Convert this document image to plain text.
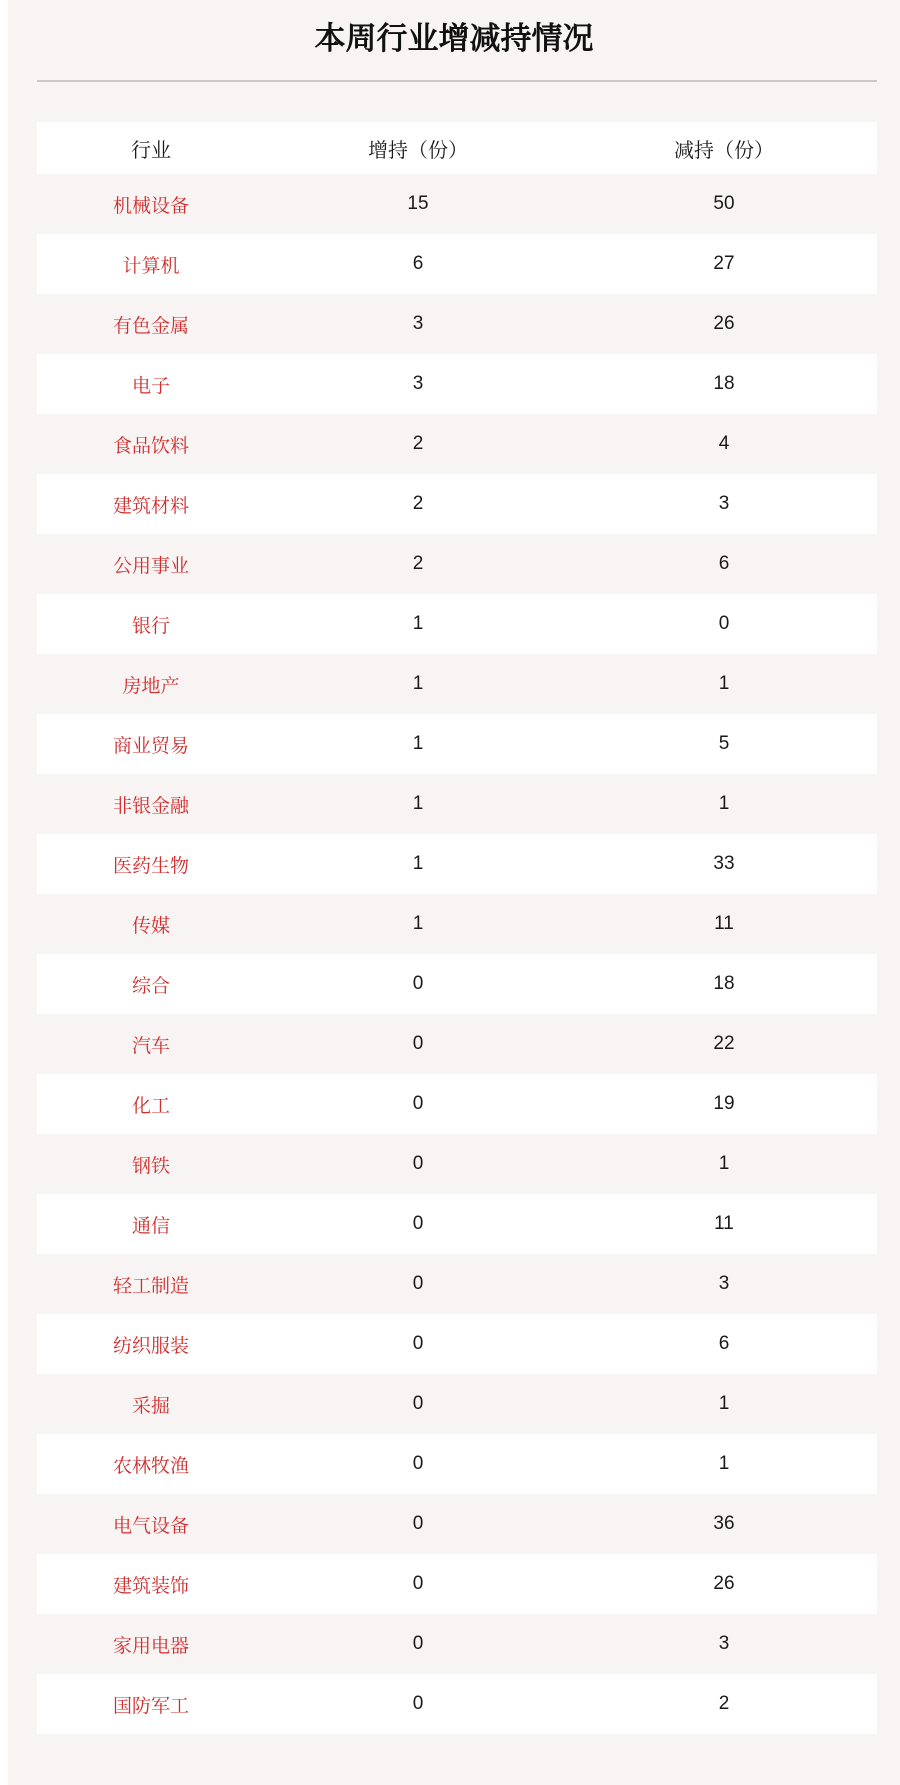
本周行业增减持情况
行业	增持（份）	减持（份）
机械设备	15	50
计算机	6	27
有色金属	3	26
电子	3	18
食品饮料	2	4
建筑材料	2	3
公用事业	2	6
银行	1	0
房地产	1	1
商业贸易	1	5
非银金融	1	1
医药生物	1	33
传媒	1	11
综合	0	18
汽车	0	22
化工	0	19
钢铁	0	1
通信	0	11
轻工制造	0	3
纺织服装	0	6
采掘	0	1
农林牧渔	0	1
电气设备	0	36
建筑装饰	0	26
家用电器	0	3
国防军工	0	2
